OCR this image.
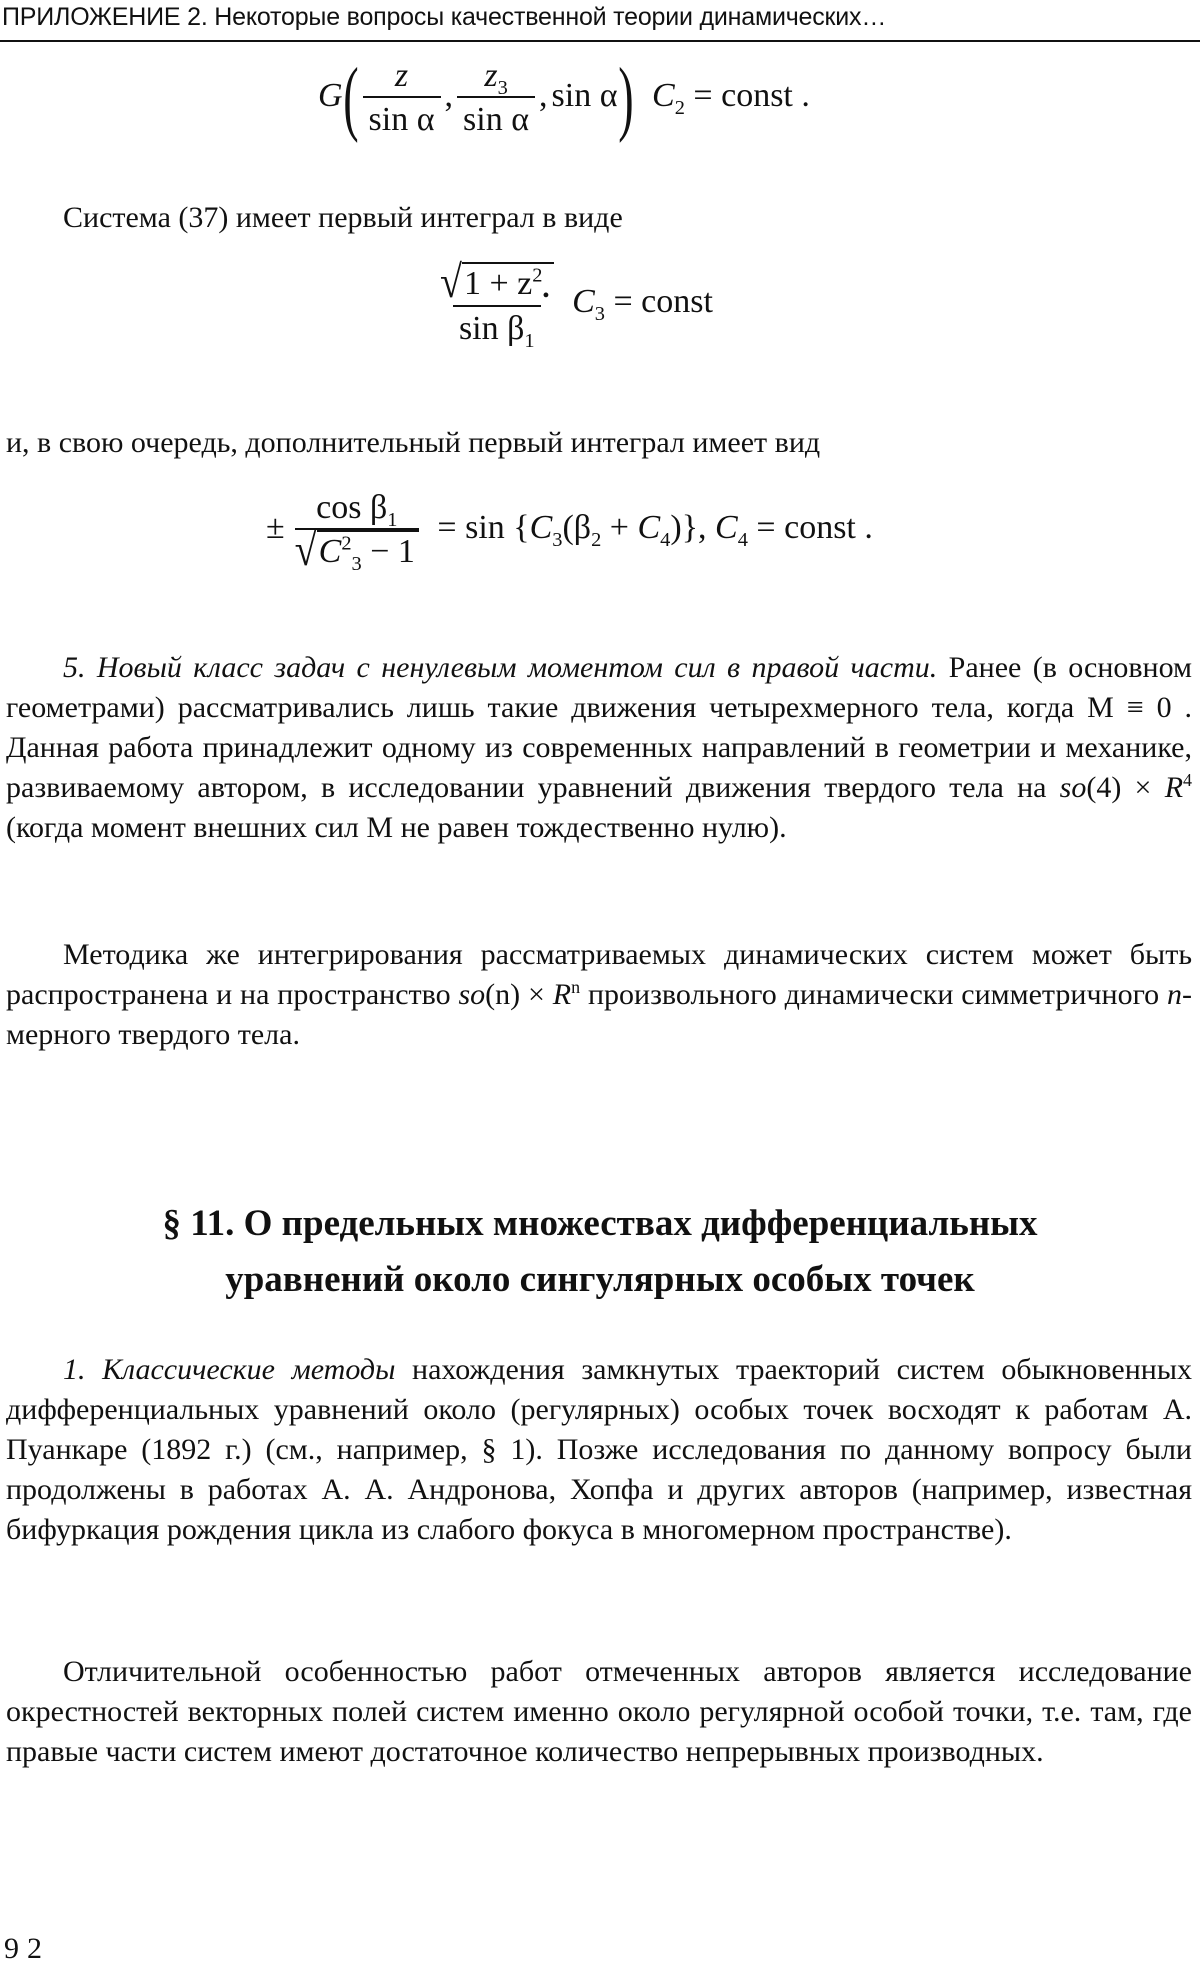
ПРИЛОЖЕНИЕ 2. Некоторые вопросы качественной теории динамических…
$G( \frac{z}{\text{sin α}}$ , $\frac{z_3}{\text{sin α}}$ , sin α) $C_2$ = const .
Система (37) имеет первый интеграл в виде
$\frac{√ 1 + z^2_•}{\sin \beta_1} C_3$ = const
и, в свою очередь, дополнительный первый интеграл имеет вид
±
$\cos \beta_1$
√ $C^2_3 - 1$
= $\sin \{C_3(\beta_2 + C_4)\}$, $C_4$ = const .
5. Новый класс задач с ненулевым моментом сил в правой части. Ранее (в основном геометрами) рассматривались лишь такие движения четырехмерного тела, когда M ≡ 0 . Данная работа принадлежит одному из современных направлений в геометрии и механике, развиваемому автором, в исследовании уравнений движения твердого тела на $so(4) \times R^4$ (когда момент внешних сил M не равен тождественно нулю).
Методика же интегрирования рассматриваемых динамических систем может быть распространена и на пространство $so(n) \times R^n$ произвольного динамически симметричного n-мерного твердого тела.
§ 11. О предельных множествах дифференциальных
уравнений около сингулярных особых точек
1. Классические методы нахождения замкнутых траекторий систем обыкновенных дифференциальных уравнений около (регулярных) особых точек восходят к работам А. Пуанкаре (1892 г.) (см., например, § 1). Позже исследования по данному вопросу были продолжены в работах А. А. Андронова, Хопфа и других авторов (например, известная бифуркация рождения цикла из слабого фокуса в многомерном пространстве).
Отличительной особенностью работ отмеченных авторов является исследование окрестностей векторных полей систем именно около регулярной особой точки, т.е. там, где правые части систем имеют достаточное количество непрерывных производных.
92
